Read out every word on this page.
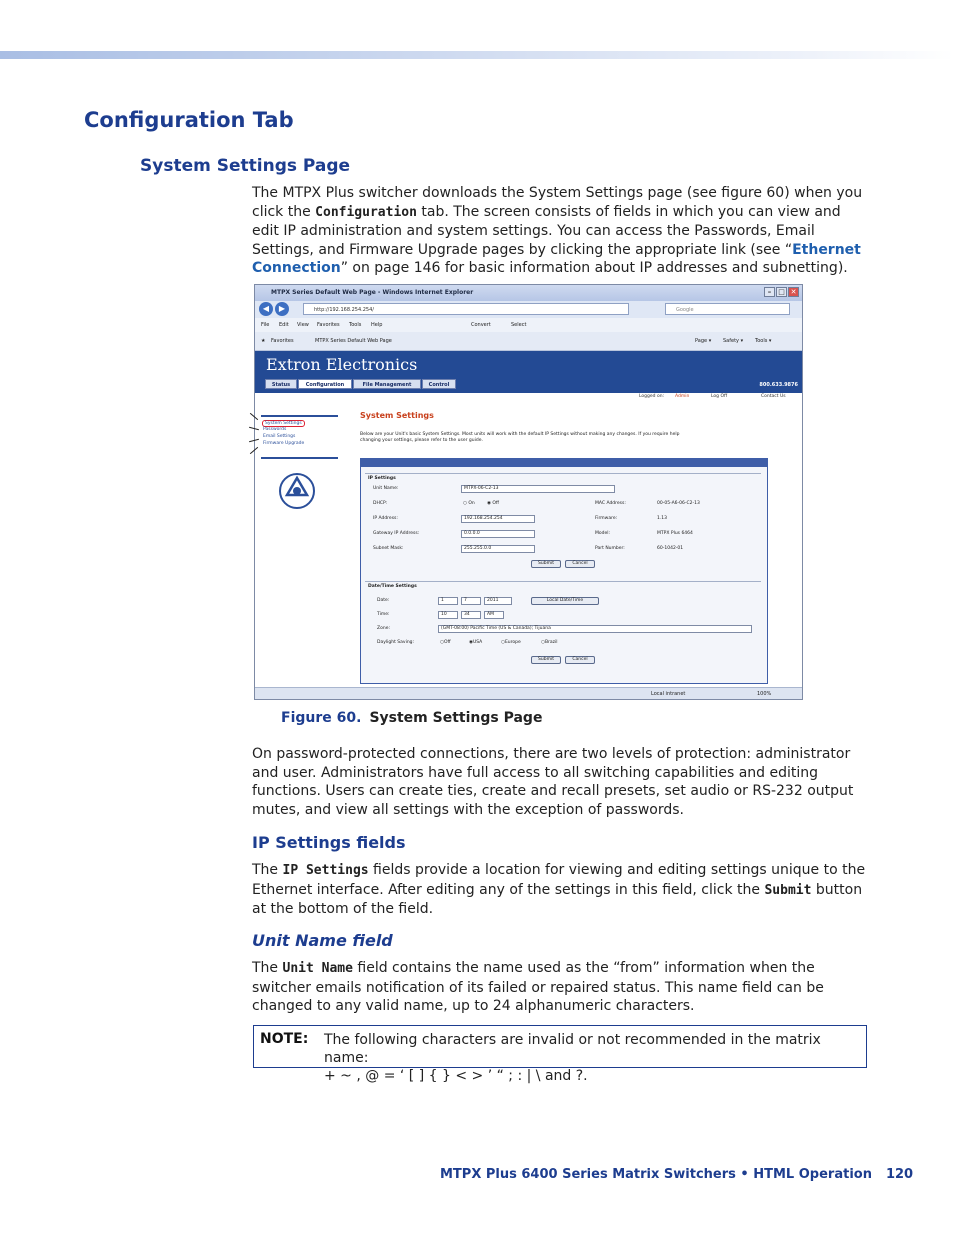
Configuration Tab
System Settings Page
The MTPX Plus switcher downloads the System Settings page (see figure 60) when you click the Configuration tab. The screen consists of fields in which you can view and edit IP administration and system settings. You can access the Passwords, Email Settings, and Firmware Upgrade pages by clicking the appropriate link (see “Ethernet Connection” on page 146 for basic information about IP addresses and subnetting).
MTPX Series Default Web Page - Windows Internet Explorer	– □ ✕
◀	▶	http://192.168.254.254/	Google
File Edit View Favorites Tools Help	Convert	Select
★ Favorites	MTPX Series Default Web Page	Page ▾ Safety ▾ Tools ▾
Extron Electronics
Status	Configuration	File Management	Control	800.633.9876
Logged on: Admin	Log Off	Contact Us
System Settings
Passwords
Email Settings
Firmware Upgrade
System Settings
Below are your Unit's basic System Settings. Most units will work with the default IP Settings without making any changes. If you require help changing your settings, please refer to the user guide.
IP Settings
Unit Name:	MTPX-06-C2-13
DHCP:	○ On	◉ Off
IP Address:	192.168.254.254
Gateway IP Address:	0.0.0.0
Subnet Mask:	255.255.0.0
MAC Address:	00-05-A6-06-C2-13
Firmware:	1.13
Model:	MTPX Plus 6464
Part Number:	60-1042-01
Submit	Cancel
Date/Time Settings
Date:	1	7	2011
Time:	10	34	AM
Local Date/Time
Zone:	(GMT-08:00) Pacific Time (US & Canada); Tijuana
Daylight Saving:	○Off	◉USA	○Europe	○Brazil
Submit	Cancel
Local intranet	100%
Figure 60. System Settings Page
On password-protected connections, there are two levels of protection: administrator and user. Administrators have full access to all switching capabilities and editing functions. Users can create ties, create and recall presets, set audio or RS-232 output mutes, and view all settings with the exception of passwords.
IP Settings fields
The IP Settings fields provide a location for viewing and editing settings unique to the Ethernet interface. After editing any of the settings in this field, click the Submit button at the bottom of the field.
Unit Name field
The Unit Name field contains the name used as the “from” information when the switcher emails notification of its failed or repaired status. This name field can be changed to any valid name, up to 24 alphanumeric characters.
NOTE: The following characters are invalid or not recommended in the matrix name:
+ ~ , @ = ‘ [ ] { } < > ’ “ ; : | \ and ?.
MTPX Plus 6400 Series Matrix Switchers • HTML Operation 120
